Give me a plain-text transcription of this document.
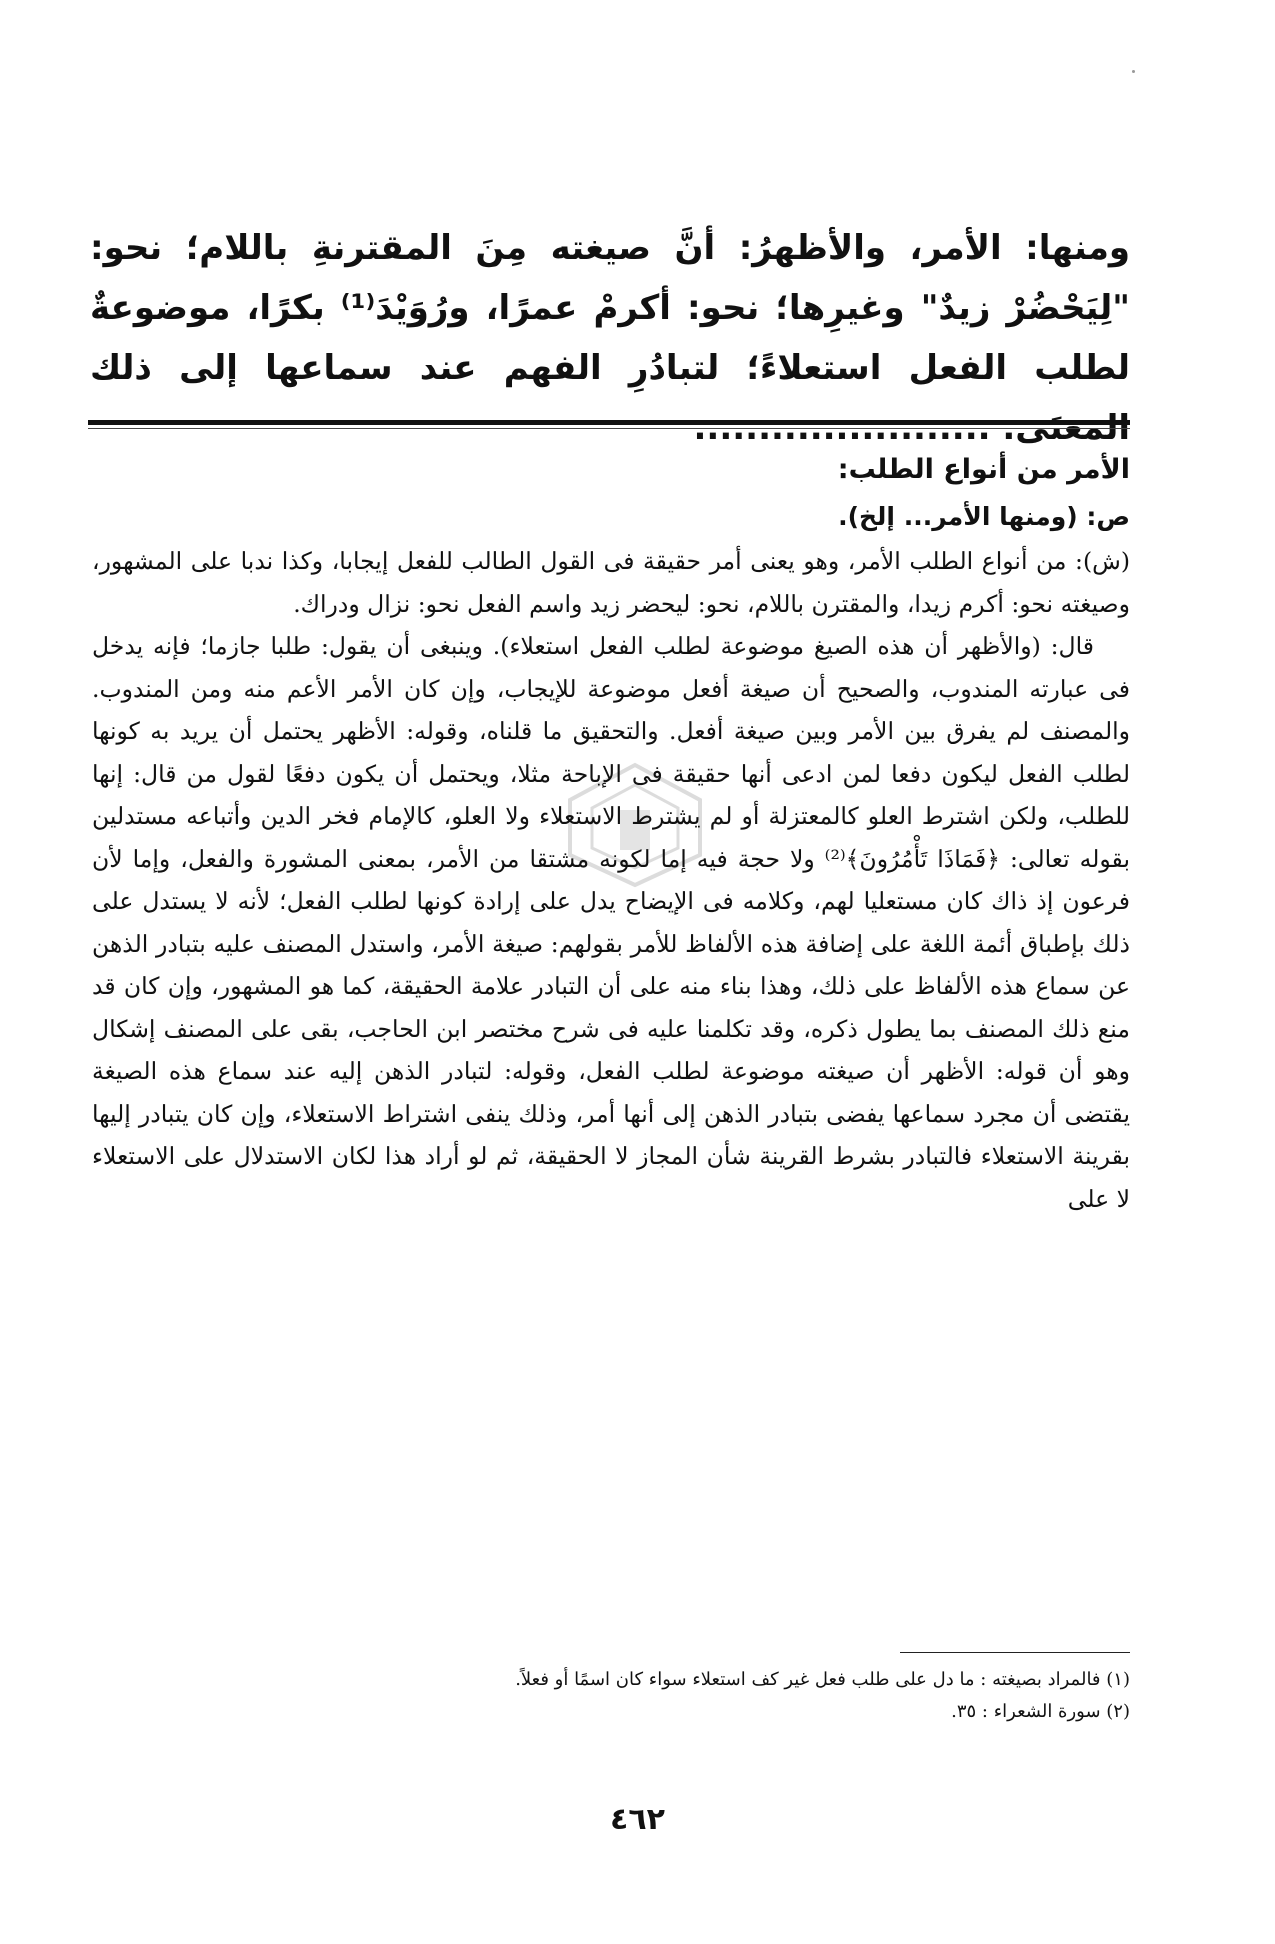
ومنها: الأمر، والأظهرُ: أنَّ صيغته مِنَ المقترنةِ باللام؛ نحو: "لِيَحْضُرْ زيدٌ" وغيرِها؛ نحو: أكرمْ عمرًا، ورُوَيْدَ⁽¹⁾ بكرًا، موضوعةٌ لطلب الفعل استعلاءً؛ لتبادُرِ الفهم عند سماعها إلى ذلك

الأمر من أنواع الطلب:
ص: (ومنها الأمر... إلخ).

(ش): من أنواع الطلب الأمر، وهو يعنى أمر حقيقة فى القول الطالب للفعل إيجابا، وكذا ندبا على المشهور، وصيغته نحو: أكرم زيدا، والمقترن باللام، نحو: ليحضر زيد واسم الفعل نحو: نزال ودراك.

قال: (والأظهر أن هذه الصيغ موضوعة لطلب الفعل استعلاء). وينبغى أن يقول: طلبا جازما؛ فإنه يدخل فى عبارته المندوب، والصحيح أن صيغة أفعل موضوعة للإيجاب، وإن كان الأمر الأعم منه ومن المندوب. والمصنف لم يفرق بين الأمر وبين صيغة أفعل. والتحقيق ما قلناه، وقوله: الأظهر يحتمل أن يريد به كونها لطلب الفعل ليكون دفعا لمن ادعى أنها حقيقة فى الإباحة مثلا، ويحتمل أن يكون دفعًا لقول من قال: إنها للطلب، ولكن اشترط العلو كالمعتزلة أو لم يشترط الاستعلاء ولا العلو، كالإمام فخر الدين وأتباعه مستدلين بقوله تعالى: ﴿فَمَاذَا تَأْمُرُونَ﴾⁽²⁾ ولا حجة فيه إما لكونه مشتقا من الأمر، بمعنى المشورة والفعل، وإما لأن فرعون إذ ذاك كان مستعليا لهم، وكلامه فى الإيضاح يدل على إرادة كونها لطلب الفعل؛ لأنه لا يستدل على ذلك بإطباق أئمة اللغة على إضافة هذه الألفاظ للأمر بقولهم: صيغة الأمر، واستدل المصنف عليه بتبادر الذهن عن سماع هذه الألفاظ على ذلك، وهذا بناء منه على أن التبادر علامة الحقيقة، كما هو المشهور، وإن كان قد منع ذلك المصنف بما يطول ذكره، وقد تكلمنا عليه فى شرح مختصر ابن الحاجب، بقى على المصنف إشكال وهو أن قوله: الأظهر أن صيغته موضوعة لطلب الفعل، وقوله: لتبادر الذهن إليه عند سماع هذه الصيغة يقتضى أن مجرد سماعها يفضى بتبادر الذهن إلى أنها أمر، وذلك ينفى اشتراط الاستعلاء، وإن كان يتبادر إليها بقرينة الاستعلاء فالتبادر بشرط القرينة شأن المجاز لا الحقيقة، ثم لو أراد هذا لكان الاستدلال على الاستعلاء لا على

(١) فالمراد بصيغته : ما دل على طلب فعل غير كف استعلاء سواء كان اسمًا أو فعلاً.
(٢) سورة الشعراء : ٣٥.
٤٦٢
